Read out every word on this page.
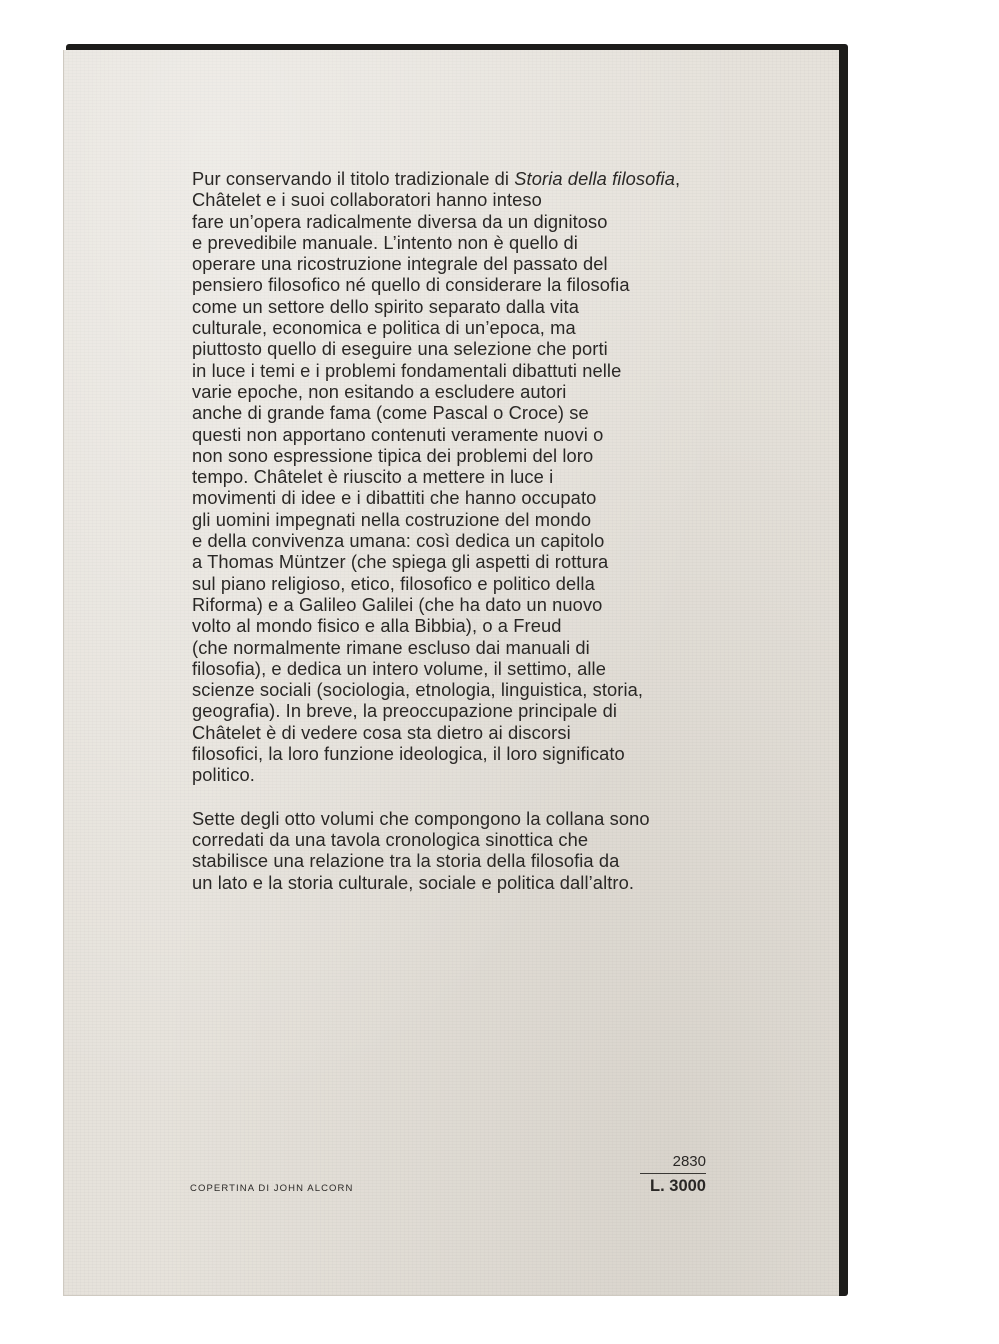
Pur conservando il titolo tradizionale di Storia della filosofia, Châtelet e i suoi collaboratori hanno inteso
fare un’opera radicalmente diversa da un dignitoso
e prevedibile manuale. L’intento non è quello di
operare una ricostruzione integrale del passato del
pensiero filosofico né quello di considerare la filosofia
come un settore dello spirito separato dalla vita
culturale, economica e politica di un’epoca, ma
piuttosto quello di eseguire una selezione che porti
in luce i temi e i problemi fondamentali dibattuti nelle
varie epoche, non esitando a escludere autori
anche di grande fama (come Pascal o Croce) se
questi non apportano contenuti veramente nuovi o
non sono espressione tipica dei problemi del loro
tempo. Châtelet è riuscito a mettere in luce i
movimenti di idee e i dibattiti che hanno occupato
gli uomini impegnati nella costruzione del mondo
e della convivenza umana: così dedica un capitolo
a Thomas Müntzer (che spiega gli aspetti di rottura
sul piano religioso, etico, filosofico e politico della
Riforma) e a Galileo Galilei (che ha dato un nuovo
volto al mondo fisico e alla Bibbia), o a Freud
(che normalmente rimane escluso dai manuali di
filosofia), e dedica un intero volume, il settimo, alle
scienze sociali (sociologia, etnologia, linguistica, storia,
geografia). In breve, la preoccupazione principale di
Châtelet è di vedere cosa sta dietro ai discorsi
filosofici, la loro funzione ideologica, il loro significato
politico.

Sette degli otto volumi che compongono la collana sono
corredati da una tavola cronologica sinottica che
stabilisce una relazione tra la storia della filosofia da
un lato e la storia culturale, sociale e politica dall’altro.

COPERTINA DI JOHN ALCORN
2830
L. 3000
